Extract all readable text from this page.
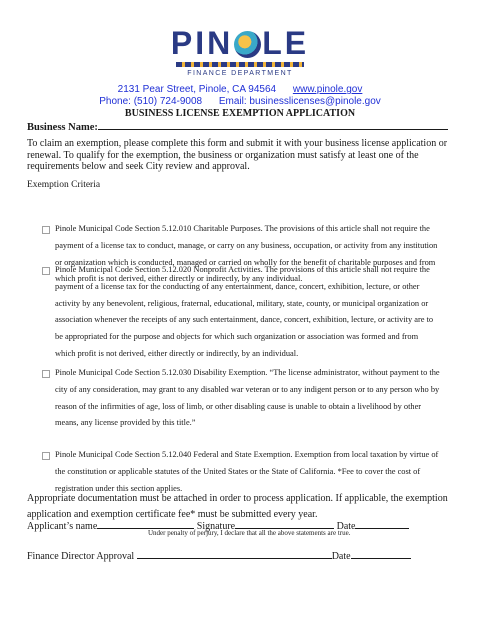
PIN LE
FINANCE DEPARTMENT
2131 Pear Street, Pinole, CA 94564 www.pinole.gov
Phone: (510) 724-9008 Email: businesslicenses@pinole.gov
BUSINESS LICENSE EXEMPTION APPLICATION
Business Name:
To claim an exemption, please complete this form and submit it with your business license application or renewal. To qualify for the exemption, the business or organization must satisfy at least one of the requirements below and seek City review and approval.
Exemption Criteria
Pinole Municipal Code Section 5.12.010 Charitable Purposes. The provisions of this article shall not require the payment of a license tax to conduct, manage, or carry on any business, occupation, or activity from any institution or organization which is conducted, managed or carried on wholly for the benefit of charitable purposes and from which profit is not derived, either directly or indirectly, by any individual.
Pinole Municipal Code Section 5.12.020 Nonprofit Activities. The provisions of this article shall not require the payment of a license tax for the conducting of any entertainment, dance, concert, exhibition, lecture, or other activity by any benevolent, religious, fraternal, educational, military, state, county, or municipal organization or association whenever the receipts of any such entertainment, dance, concert, exhibition, lecture, or activity are to be appropriated for the purpose and objects for which such organization or association was formed and from which profit is not derived, either directly or indirectly, by an individual.
Pinole Municipal Code Section 5.12.030 Disability Exemption. “The license administrator, without payment to the city of any consideration, may grant to any disabled war veteran or to any indigent person or to any person who by reason of the infirmities of age, loss of limb, or other disabling cause is unable to obtain a livelihood by other means, any license provided by this title.”
Pinole Municipal Code Section 5.12.040 Federal and State Exemption. Exemption from local taxation by virtue of the constitution or applicable statutes of the United States or the State of California. *Fee to cover the cost of registration under this section applies.
Appropriate documentation must be attached in order to process application. If applicable, the exemption application and exemption certificate fee* must be submitted every year.
Applicant’s name	Signature	Date
Under penalty of perjury, I declare that all the above statements are true.
Finance Director Approval	Date
